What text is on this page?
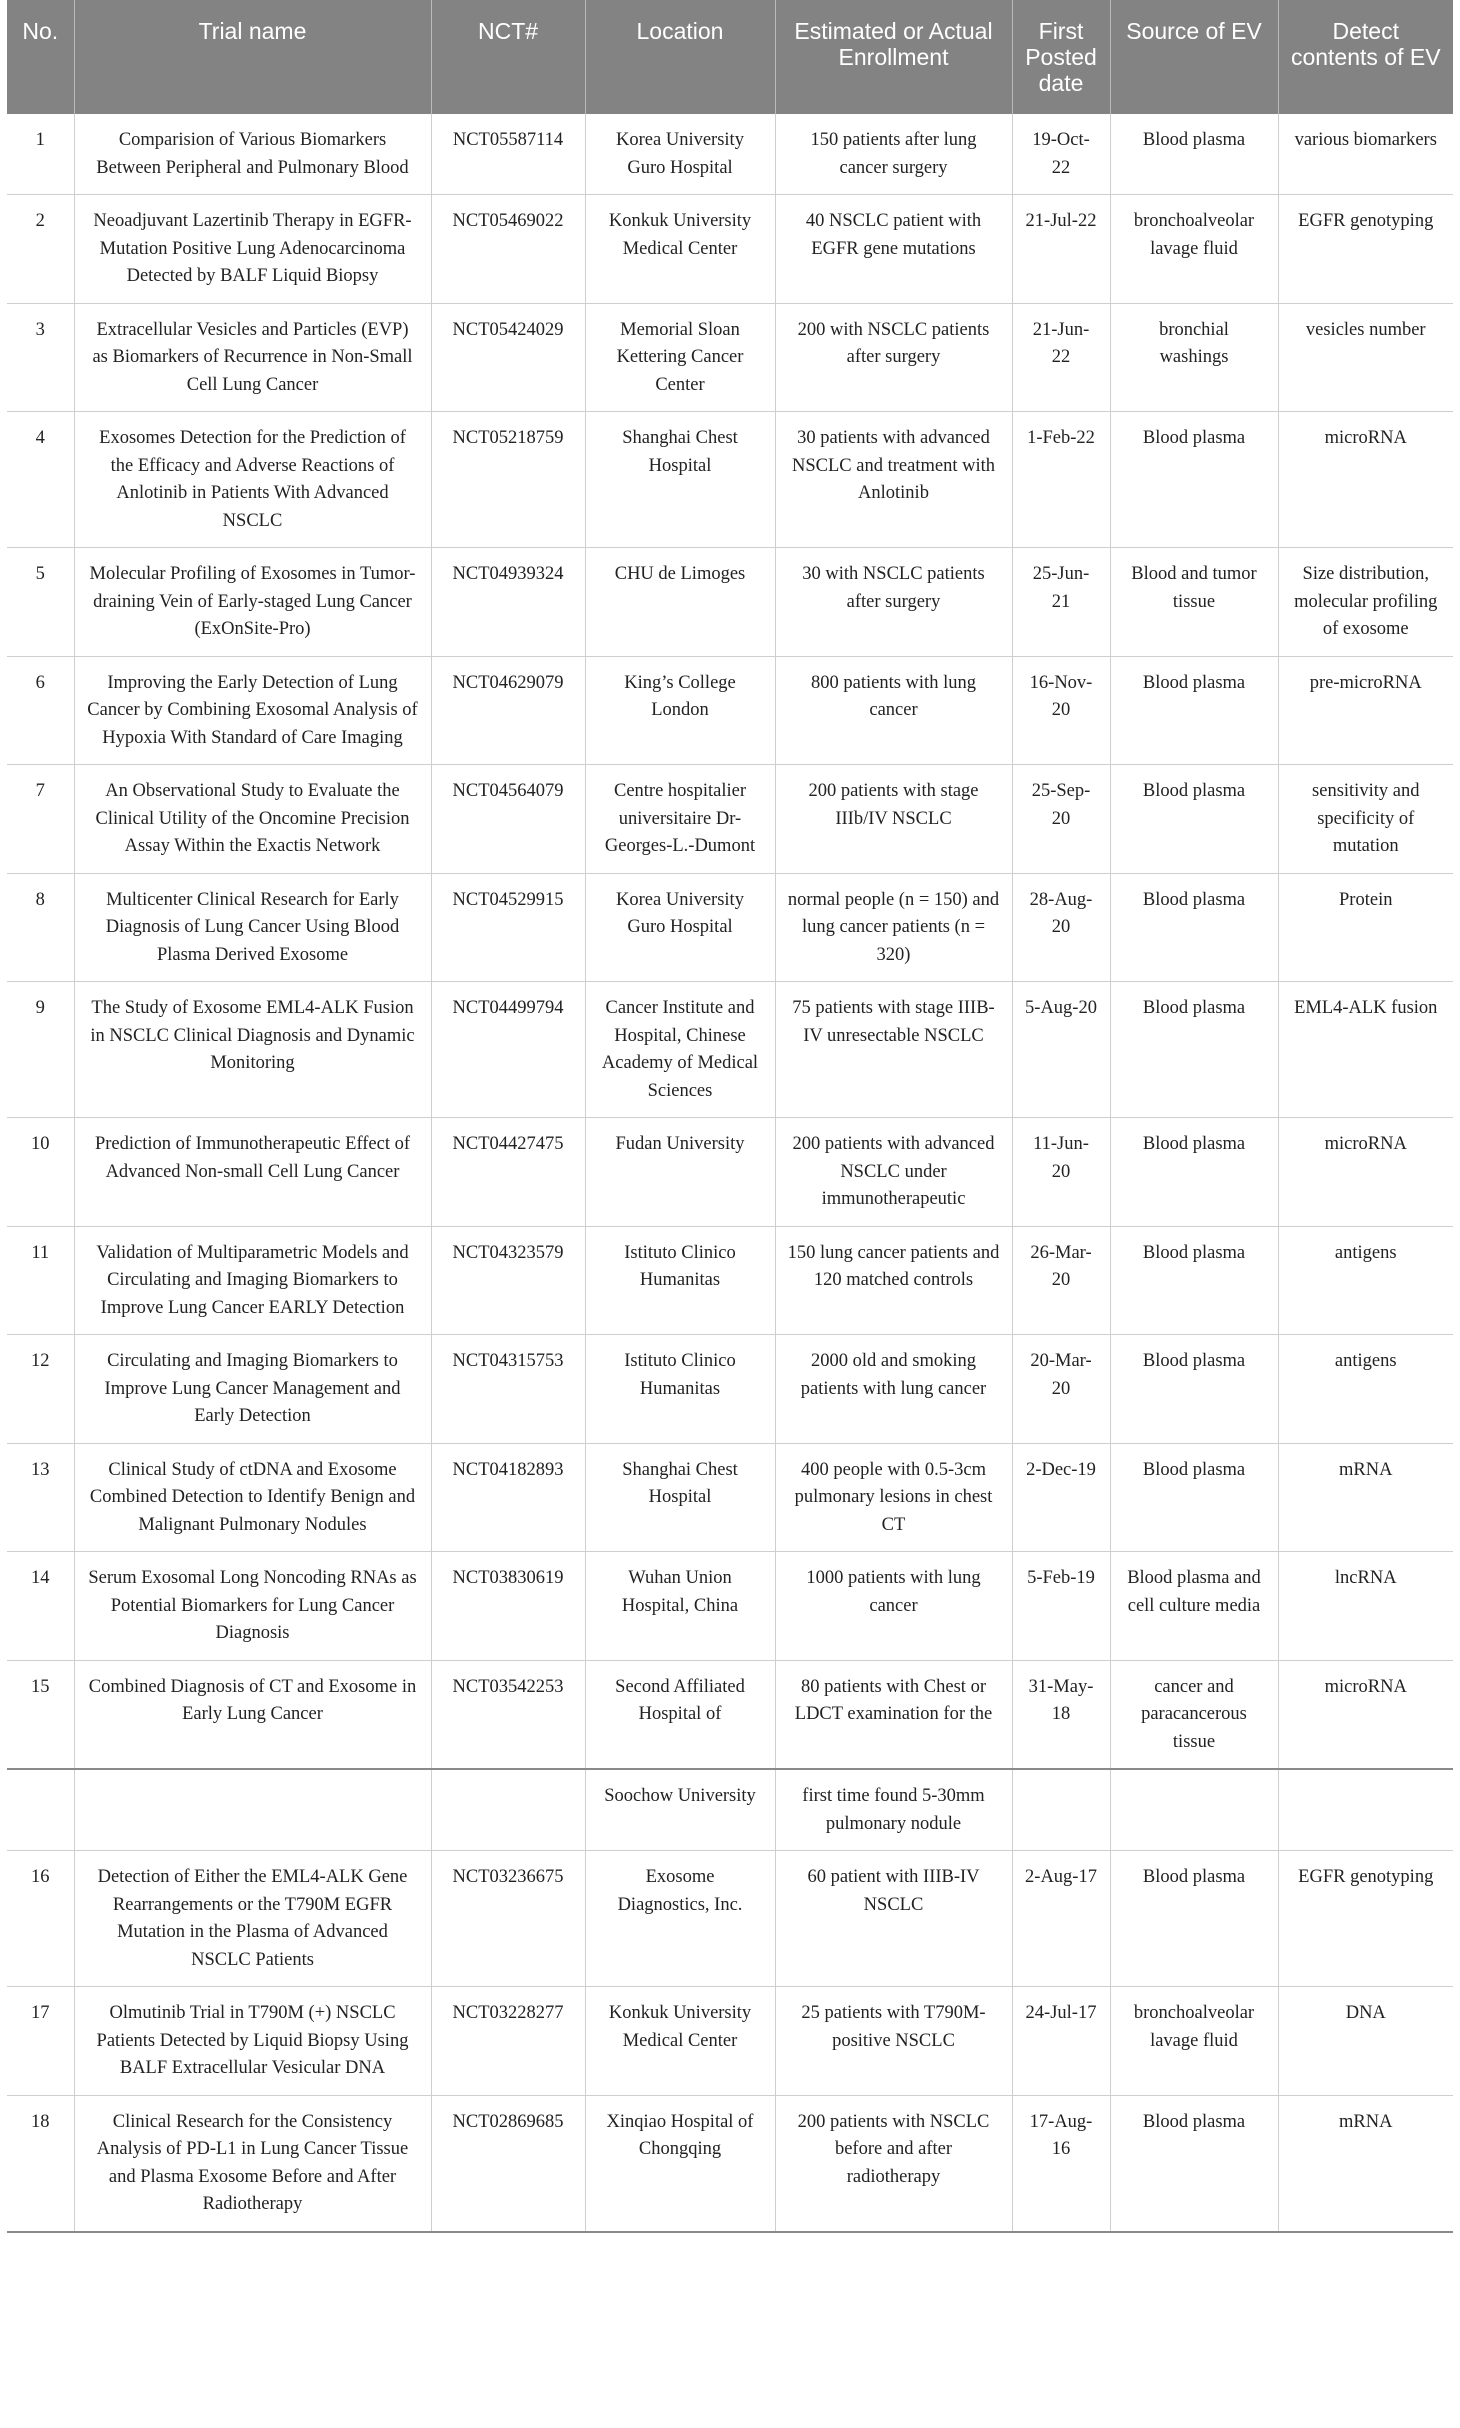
No.	Trial name	NCT#	Location	Estimated or Actual Enrollment	First Posted date	Source of EV	Detect contents of EV
1	Comparision of Various Biomarkers Between Peripheral and Pulmonary Blood	NCT05587114	Korea University Guro Hospital	150 patients after lung cancer surgery	19-Oct-22	Blood plasma	various biomarkers
2	Neoadjuvant Lazertinib Therapy in EGFR-Mutation Positive Lung Adenocarcinoma Detected by BALF Liquid Biopsy	NCT05469022	Konkuk University Medical Center	40 NSCLC patient with EGFR gene mutations	21-Jul-22	bronchoalveolar lavage fluid	EGFR genotyping
3	Extracellular Vesicles and Particles (EVP) as Biomarkers of Recurrence in Non-Small Cell Lung Cancer	NCT05424029	Memorial Sloan Kettering Cancer Center	200 with NSCLC patients after surgery	21-Jun-22	bronchial washings	vesicles number
4	Exosomes Detection for the Prediction of the Efficacy and Adverse Reactions of Anlotinib in Patients With Advanced NSCLC	NCT05218759	Shanghai Chest Hospital	30 patients with advanced NSCLC and treatment with Anlotinib	1-Feb-22	Blood plasma	microRNA
5	Molecular Profiling of Exosomes in Tumor-draining Vein of Early-staged Lung Cancer (ExOnSite-Pro)	NCT04939324	CHU de Limoges	30 with NSCLC patients after surgery	25-Jun-21	Blood and tumor tissue	Size distribution, molecular profiling of exosome
6	Improving the Early Detection of Lung Cancer by Combining Exosomal Analysis of Hypoxia With Standard of Care Imaging	NCT04629079	King’s College London	800 patients with lung cancer	16-Nov-20	Blood plasma	pre-microRNA
7	An Observational Study to Evaluate the Clinical Utility of the Oncomine Precision Assay Within the Exactis Network	NCT04564079	Centre hospitalier universitaire Dr-Georges-L.-Dumont	200 patients with stage IIIb/IV NSCLC	25-Sep-20	Blood plasma	sensitivity and specificity of mutation
8	Multicenter Clinical Research for Early Diagnosis of Lung Cancer Using Blood Plasma Derived Exosome	NCT04529915	Korea University Guro Hospital	normal people (n = 150) and lung cancer patients (n = 320)	28-Aug-20	Blood plasma	Protein
9	The Study of Exosome EML4-ALK Fusion in NSCLC Clinical Diagnosis and Dynamic Monitoring	NCT04499794	Cancer Institute and Hospital, Chinese Academy of Medical Sciences	75 patients with stage IIIB-IV unresectable NSCLC	5-Aug-20	Blood plasma	EML4-ALK fusion
10	Prediction of Immunotherapeutic Effect of Advanced Non-small Cell Lung Cancer	NCT04427475	Fudan University	200 patients with advanced NSCLC under immunotherapeutic	11-Jun-20	Blood plasma	microRNA
11	Validation of Multiparametric Models and Circulating and Imaging Biomarkers to Improve Lung Cancer EARLY Detection	NCT04323579	Istituto Clinico Humanitas	150 lung cancer patients and 120 matched controls	26-Mar-20	Blood plasma	antigens
12	Circulating and Imaging Biomarkers to Improve Lung Cancer Management and Early Detection	NCT04315753	Istituto Clinico Humanitas	2000 old and smoking patients with lung cancer	20-Mar-20	Blood plasma	antigens
13	Clinical Study of ctDNA and Exosome Combined Detection to Identify Benign and Malignant Pulmonary Nodules	NCT04182893	Shanghai Chest Hospital	400 people with 0.5-3cm pulmonary lesions in chest CT	2-Dec-19	Blood plasma	mRNA
14	Serum Exosomal Long Noncoding RNAs as Potential Biomarkers for Lung Cancer Diagnosis	NCT03830619	Wuhan Union Hospital, China	1000 patients with lung cancer	5-Feb-19	Blood plasma and cell culture media	lncRNA
15	Combined Diagnosis of CT and Exosome in Early Lung Cancer	NCT03542253	Second Affiliated Hospital of	80 patients with Chest or LDCT examination for the	31-May-18	cancer and paracancerous tissue	microRNA
			Soochow University	first time found 5-30mm pulmonary nodule			
16	Detection of Either the EML4-ALK Gene Rearrangements or the T790M EGFR Mutation in the Plasma of Advanced NSCLC Patients	NCT03236675	Exosome Diagnostics, Inc.	60 patient with IIIB-IV NSCLC	2-Aug-17	Blood plasma	EGFR genotyping
17	Olmutinib Trial in T790M (+) NSCLC Patients Detected by Liquid Biopsy Using BALF Extracellular Vesicular DNA	NCT03228277	Konkuk University Medical Center	25 patients with T790M-positive NSCLC	24-Jul-17	bronchoalveolar lavage fluid	DNA
18	Clinical Research for the Consistency Analysis of PD-L1 in Lung Cancer Tissue and Plasma Exosome Before and After Radiotherapy	NCT02869685	Xinqiao Hospital of Chongqing	200 patients with NSCLC before and after radiotherapy	17-Aug-16	Blood plasma	mRNA
